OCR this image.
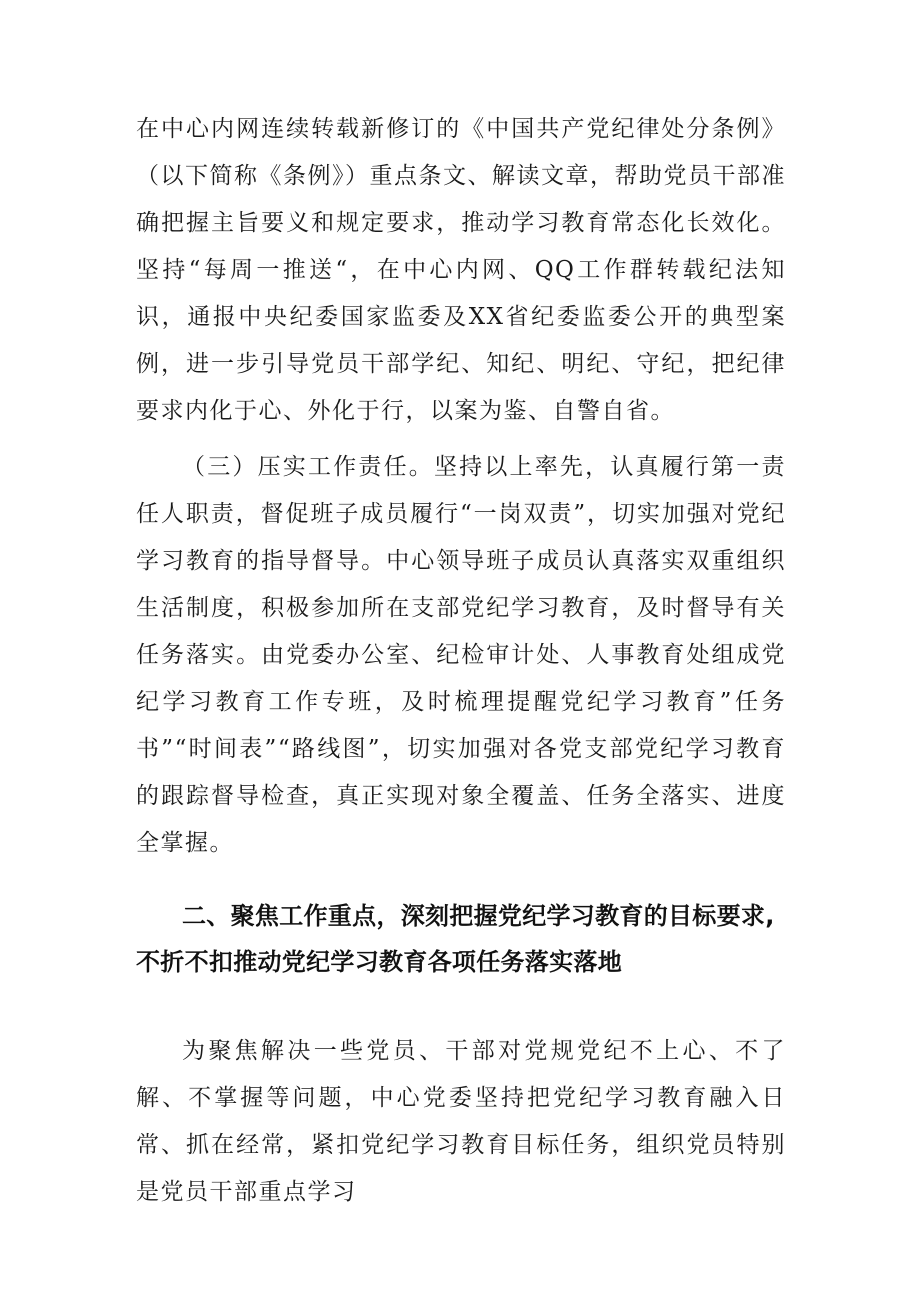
在中心内网连续转载新修订的《中国共产党纪律处分条例》（以下简称《条例》）重点条文、解读文章，帮助党员干部准确把握主旨要义和规定要求，推动学习教育常态化长效化。坚持“每周一推送“，在中心内网、QQ工作群转载纪法知识，通报中央纪委国家监委及XX省纪委监委公开的典型案例，进一步引导党员干部学纪、知纪、明纪、守纪，把纪律要求内化于心、外化于行，以案为鉴、自警自省。

（三）压实工作责任。坚持以上率先，认真履行第一责任人职责，督促班子成员履行“一岗双责”，切实加强对党纪学习教育的指导督导。中心领导班子成员认真落实双重组织生活制度，积极参加所在支部党纪学习教育，及时督导有关任务落实。由党委办公室、纪检审计处、人事教育处组成党纪学习教育工作专班，及时梳理提醒党纪学习教育”任务书”“时间表”“路线图”，切实加强对各党支部党纪学习教育的跟踪督导检查，真正实现对象全覆盖、任务全落实、进度全掌握。

二、聚焦工作重点，深刻把握党纪学习教育的目标要求,不折不扣推动党纪学习教育各项任务落实落地

为聚焦解决一些党员、干部对党规党纪不上心、不了解、不掌握等问题，中心党委坚持把党纪学习教育融入日常、抓在经常，紧扣党纪学习教育目标任务，组织党员特别是党员干部重点学习
